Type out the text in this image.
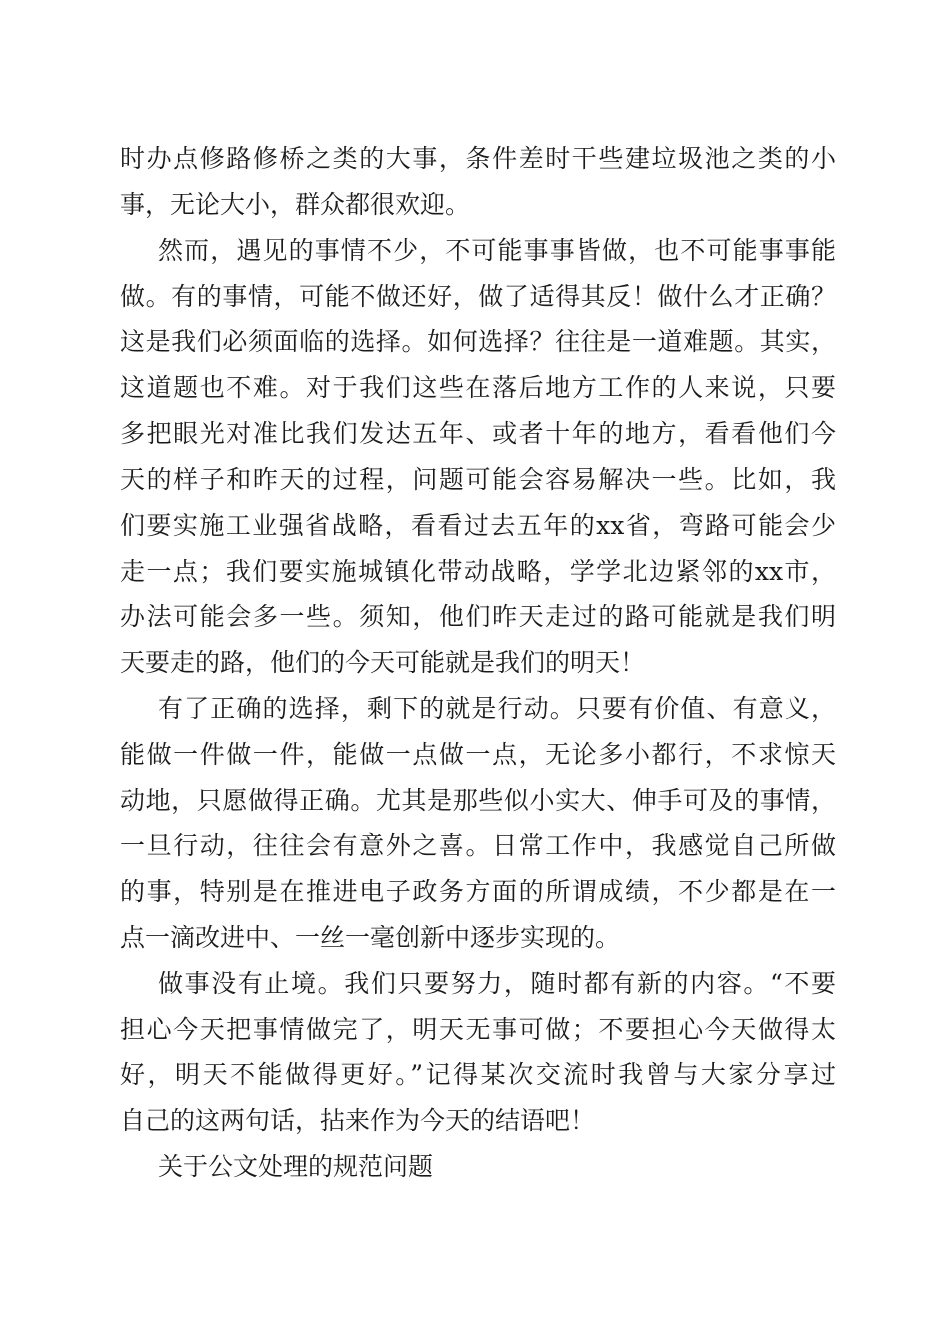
时办点修路修桥之类的大事，条件差时干些建垃圾池之类的小
事，无论大小，群众都很欢迎。
然而，遇见的事情不少，不可能事事皆做，也不可能事事能
做。有的事情，可能不做还好，做了适得其反！做什么才正确？
这是我们必须面临的选择。如何选择？往往是一道难题。其实，
这道题也不难。对于我们这些在落后地方工作的人来说，只要
多把眼光对准比我们发达五年、或者十年的地方，看看他们今
天的样子和昨天的过程，问题可能会容易解决一些。比如，我
们要实施工业强省战略，看看过去五年的xx省，弯路可能会少
走一点；我们要实施城镇化带动战略，学学北边紧邻的xx市，
办法可能会多一些。须知，他们昨天走过的路可能就是我们明
天要走的路，他们的今天可能就是我们的明天！
有了正确的选择，剩下的就是行动。只要有价值、有意义，
能做一件做一件，能做一点做一点，无论多小都行，不求惊天
动地，只愿做得正确。尤其是那些似小实大、伸手可及的事情，
一旦行动，往往会有意外之喜。日常工作中，我感觉自己所做
的事，特别是在推进电子政务方面的所谓成绩，不少都是在一
点一滴改进中、一丝一毫创新中逐步实现的。
做事没有止境。我们只要努力，随时都有新的内容。“不要
担心今天把事情做完了，明天无事可做；不要担心今天做得太
好，明天不能做得更好。”记得某次交流时我曾与大家分享过
自己的这两句话，拈来作为今天的结语吧！
关于公文处理的规范问题
